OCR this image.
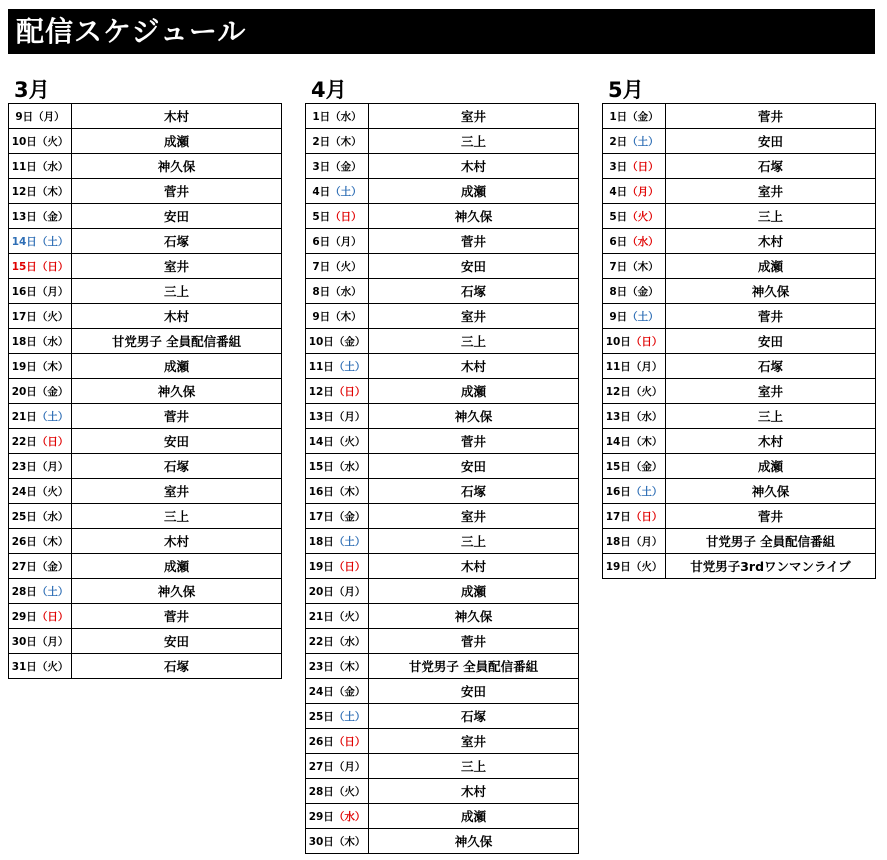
配信スケジュール
3月
9日（月）	木村
10日（火）	成瀬
11日（水）	神久保
12日（木）	菅井
13日（金）	安田
14日（土）	石塚
15日（日）	室井
16日（月）	三上
17日（火）	木村
18日（水）	甘党男子 全員配信番組
19日（木）	成瀬
20日（金）	神久保
21日（土）	菅井
22日（日）	安田
23日（月）	石塚
24日（火）	室井
25日（水）	三上
26日（木）	木村
27日（金）	成瀬
28日（土）	神久保
29日（日）	菅井
30日（月）	安田
31日（火）	石塚
4月
1日（水）	室井
2日（木）	三上
3日（金）	木村
4日（土）	成瀬
5日（日）	神久保
6日（月）	菅井
7日（火）	安田
8日（水）	石塚
9日（木）	室井
10日（金）	三上
11日（土）	木村
12日（日）	成瀬
13日（月）	神久保
14日（火）	菅井
15日（水）	安田
16日（木）	石塚
17日（金）	室井
18日（土）	三上
19日（日）	木村
20日（月）	成瀬
21日（火）	神久保
22日（水）	菅井
23日（木）	甘党男子 全員配信番組
24日（金）	安田
25日（土）	石塚
26日（日）	室井
27日（月）	三上
28日（火）	木村
29日（水）	成瀬
30日（木）	神久保
5月
1日（金）	菅井
2日（土）	安田
3日（日）	石塚
4日（月）	室井
5日（火）	三上
6日（水）	木村
7日（木）	成瀬
8日（金）	神久保
9日（土）	菅井
10日（日）	安田
11日（月）	石塚
12日（火）	室井
13日（水）	三上
14日（木）	木村
15日（金）	成瀬
16日（土）	神久保
17日（日）	菅井
18日（月）	甘党男子 全員配信番組
19日（火）	甘党男子3rdワンマンライブ
